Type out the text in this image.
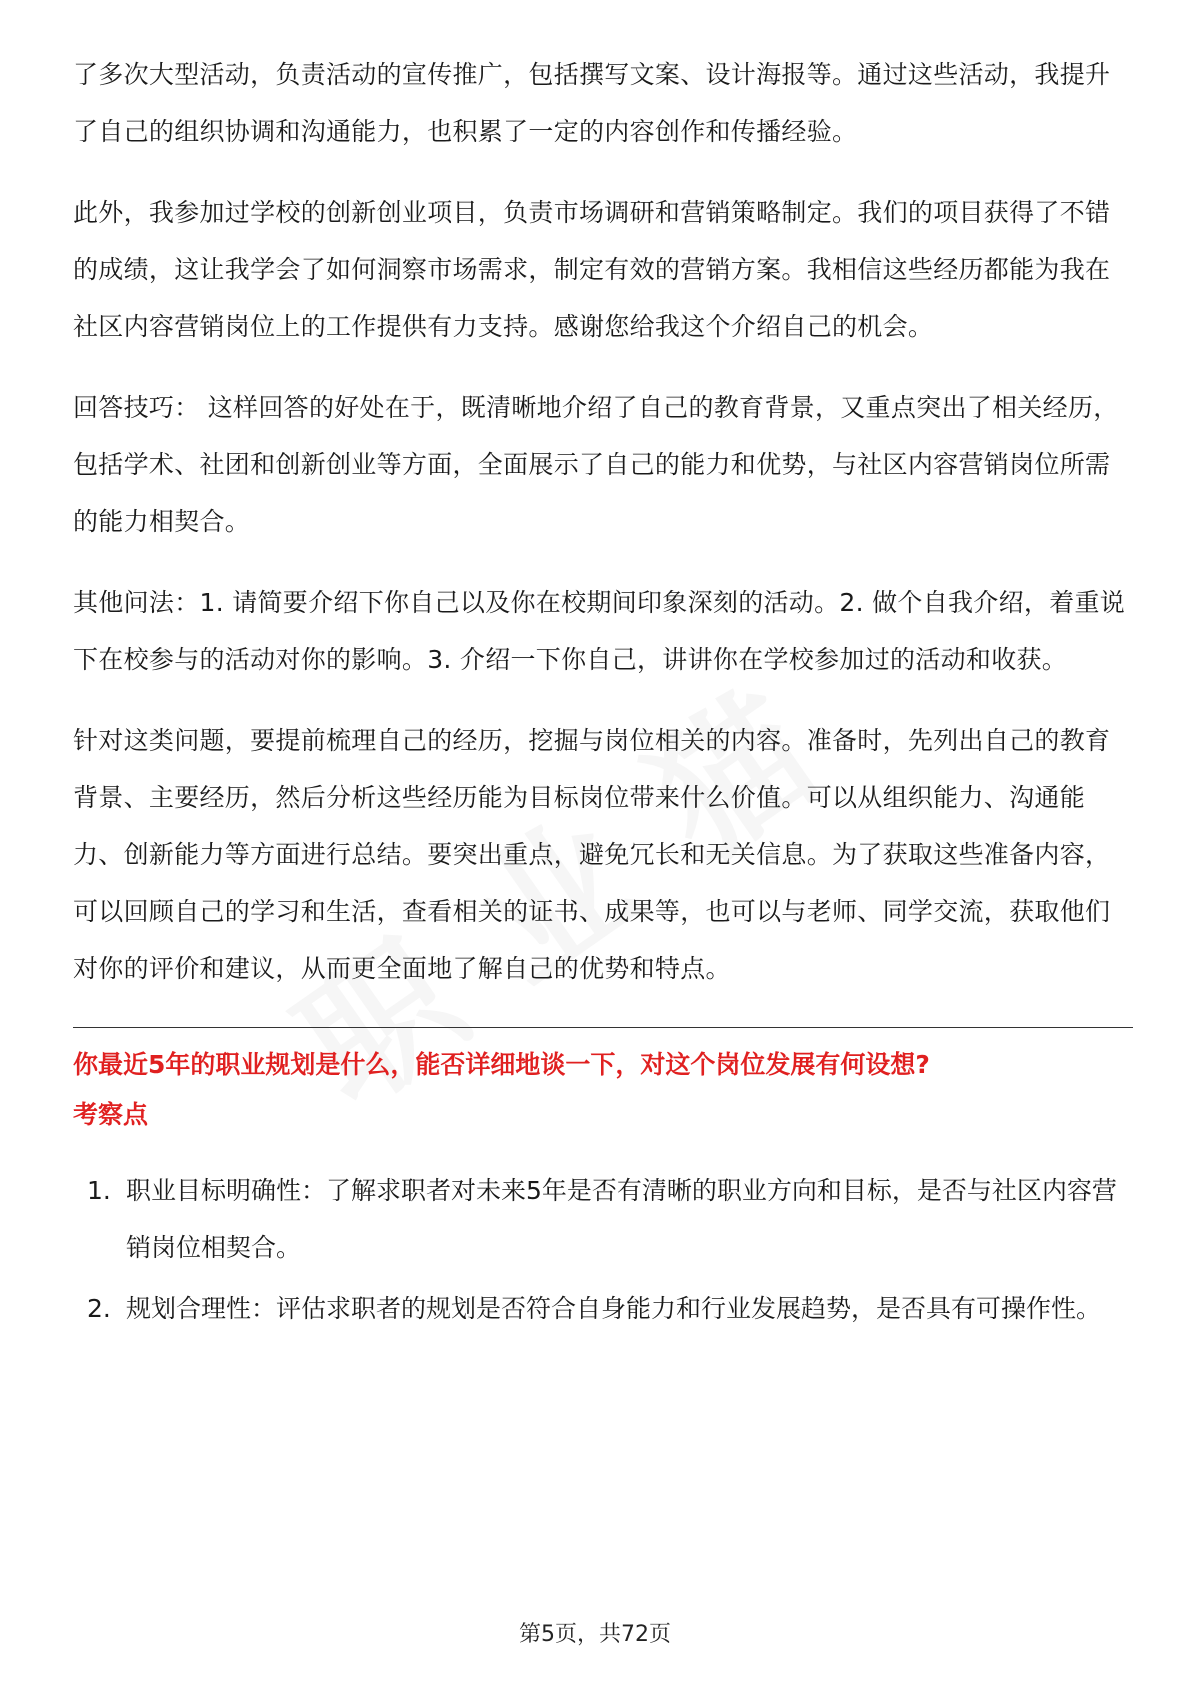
了多次大型活动，负责活动的宣传推广，包括撰写文案、设计海报等。通过这些活动，我提升了自己的组织协调和沟通能力，也积累了一定的内容创作和传播经验。

此外，我参加过学校的创新创业项目，负责市场调研和营销策略制定。我们的项目获得了不错的成绩，这让我学会了如何洞察市场需求，制定有效的营销方案。我相信这些经历都能为我在社区内容营销岗位上的工作提供有力支持。感谢您给我这个介绍自己的机会。

回答技巧： 这样回答的好处在于，既清晰地介绍了自己的教育背景，又重点突出了相关经历，包括学术、社团和创新创业等方面，全面展示了自己的能力和优势，与社区内容营销岗位所需的能力相契合。

其他问法：1. 请简要介绍下你自己以及你在校期间印象深刻的活动。2. 做个自我介绍，着重说下在校参与的活动对你的影响。3. 介绍一下你自己，讲讲你在学校参加过的活动和收获。

针对这类问题，要提前梳理自己的经历，挖掘与岗位相关的内容。准备时，先列出自己的教育背景、主要经历，然后分析这些经历能为目标岗位带来什么价值。可以从组织能力、沟通能力、创新能力等方面进行总结。要突出重点，避免冗长和无关信息。为了获取这些准备内容，可以回顾自己的学习和生活，查看相关的证书、成果等，也可以与老师、同学交流，获取他们对你的评价和建议，从而更全面地了解自己的优势和特点。

你最近5年的职业规划是什么，能否详细地谈一下，对这个岗位发展有何设想?

考察点

1. 职业目标明确性：了解求职者对未来5年是否有清晰的职业方向和目标，是否与社区内容营销岗位相契合。
2. 规划合理性：评估求职者的规划是否符合自身能力和行业发展趋势，是否具有可操作性。
第5页，共72页
